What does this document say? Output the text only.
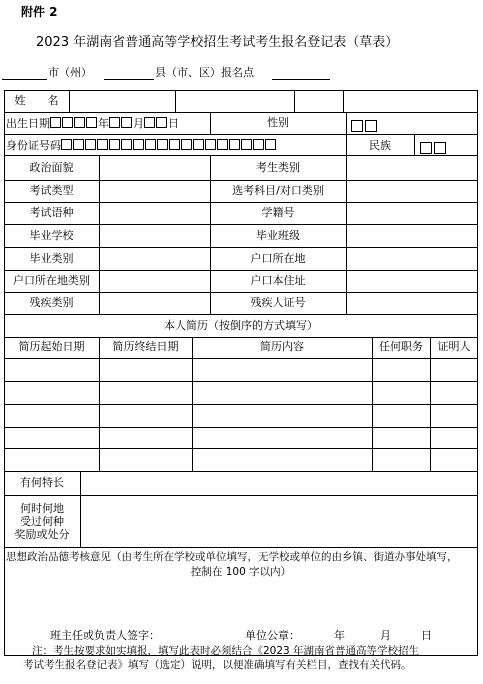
附件 2
2023 年湖南省普通高等学校招生考试考生报名登记表（草表）
市（州）	县（市、区）报名点
姓　　名
出生日期	年 月 日	性别
身份证号码	民族
政治面貌	考生类别
考试类型	选考科目/对口类别
考试语种	学籍号
毕业学校	毕业班级
毕业类别	户口所在地
户口所在地类别	户口本住址
残疾类别	残疾人证号
本人简历（按倒序的方式填写）
简历起始日期	简历终结日期	简历内容	任何职务	证明人
有何特长
何时何地
受过何种
奖励或处分
思想政治品德考核意见（由考生所在学校或单位填写，无学校或单位的由乡镇、街道办事处填写，
控制在 100 字以内）
班主任或负责人签字：	单位公章：	年	月	日
注：考生按要求如实填报，填写此表时必须结合《2023 年湖南省普通高等学校招生
考试考生报名登记表》填写（选定）说明，以便准确填写有关栏目，查找有关代码。
